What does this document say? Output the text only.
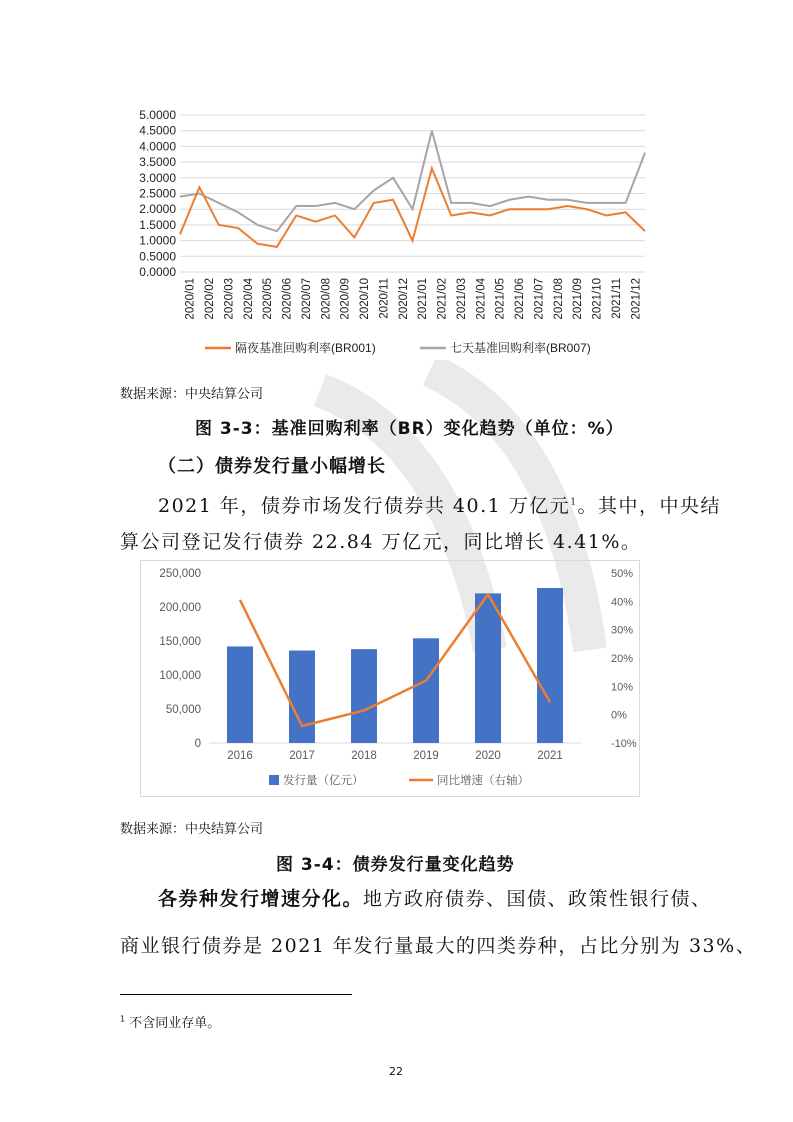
5.0000
4.5000
4.0000
3.5000
3.0000
2.5000
2.0000
1.5000
1.0000
0.5000
0.0000
2020/01 2020/02 2020/03 2020/04 2020/05 2020/06 2020/07 2020/08 2020/09 2020/10 2020/11 2020/12 2021/01 2021/02 2021/03 2021/04 2021/05 2021/06 2021/07 2021/08 2021/09 2021/10 2021/11 2021/12
隔夜基准回购利率(BR001)	七天基准回购利率(BR007)
数据来源：中央结算公司
图 3-3：基准回购利率（BR）变化趋势（单位：%）
（二）债券发行量小幅增长
2021 年，债券市场发行债券共 40.1 万亿元$^1$。其中，中央结
算公司登记发行债券 22.84 万亿元，同比增长 4.41%。
250,000
200,000
150,000
100,000
50,000
0
50%
40%
30%
20%
10%
0%
-10%
2016	2017	2018	2019	2020	2021
发行量（亿元）	同比增速（右轴）
数据来源：中央结算公司
图 3-4：债券发行量变化趋势
各券种发行增速分化。地方政府债券、国债、政策性银行债、
商业银行债券是 2021 年发行量最大的四类券种，占比分别为 33%、
$^1$ 不含同业存单。
22
